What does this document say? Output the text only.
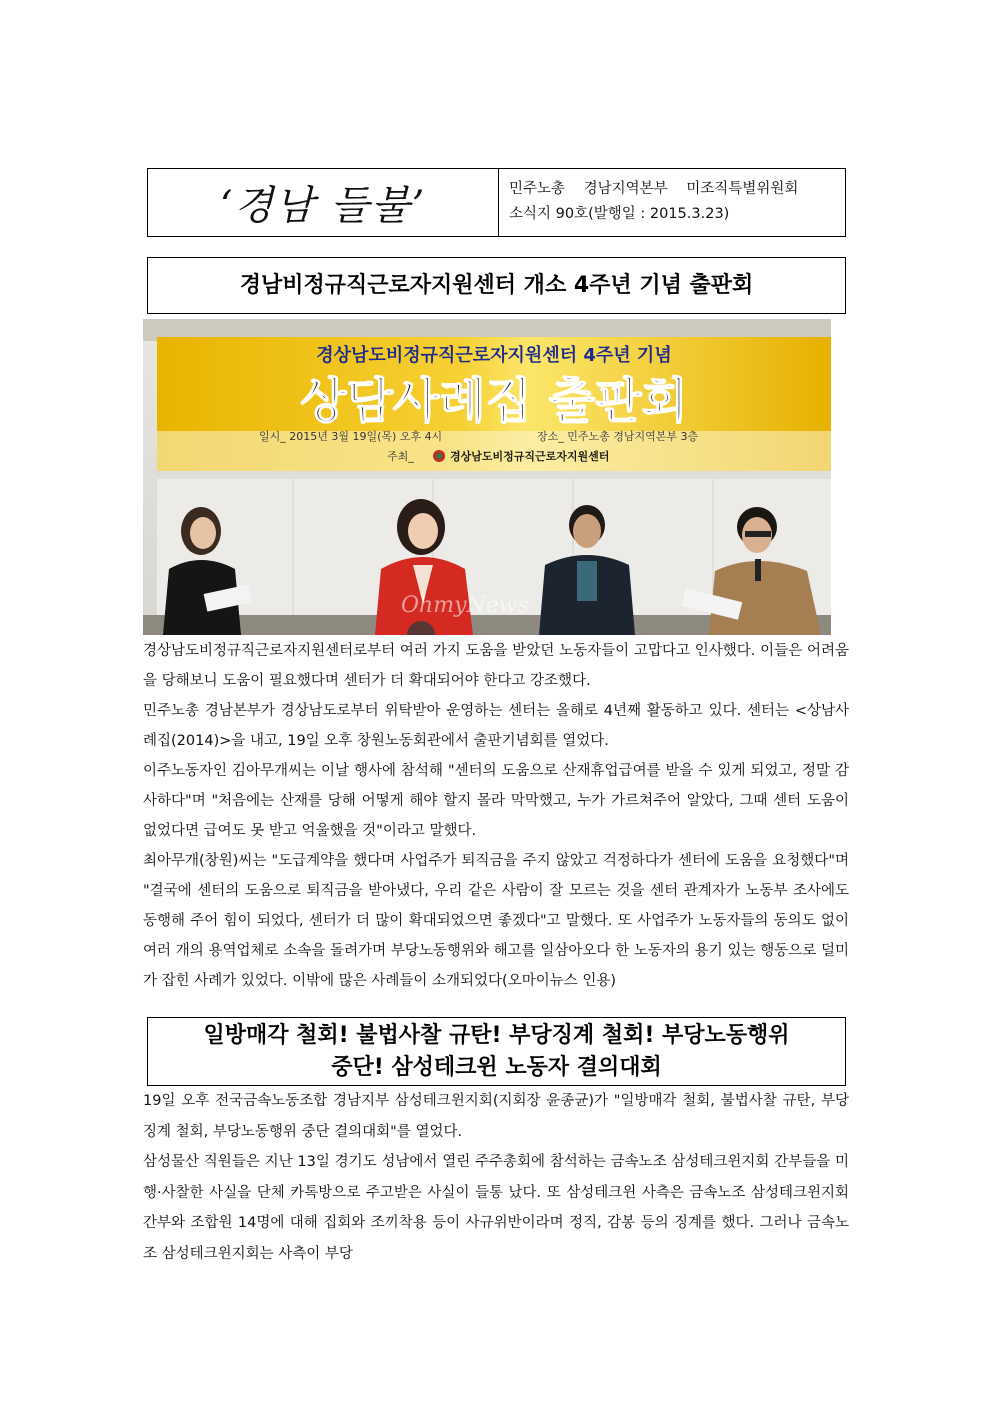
‘경남 들불’	민주노총 경남지역본부 미조직특별위원회
소식지 90호(발행일 : 2015.3.23)
경남비정규직근로자지원센터 개소 4주년 기념 출판회
경상남도비정규직근로자지원센터 4주년 기념
상담사례집 출판회
일시_ 2015년 3월 19일(목) 오후 4시	장소_ 민주노총 경남지역본부 3층
주최_	경상남도비정규직근로자지원센터
OhmyNews

경상남도비정규직근로자지원센터로부터 여러 가지 도움을 받았던 노동자들이 고맙다고 인사했다. 이들은 어려움을 당해보니 도움이 필요했다며 센터가 더 확대되어야 한다고 강조했다.

민주노총 경남본부가 경상남도로부터 위탁받아 운영하는 센터는 올해로 4년째 활동하고 있다. 센터는 <상남사례집(2014)>을 내고, 19일 오후 창원노동회관에서 출판기념회를 열었다.

이주노동자인 김아무개씨는 이날 행사에 참석해 "센터의 도움으로 산재휴업급여를 받을 수 있게 되었고, 정말 감사하다"며 "처음에는 산재를 당해 어떻게 해야 할지 몰라 막막했고, 누가 가르쳐주어 알았다, 그때 센터 도움이 없었다면 급여도 못 받고 억울했을 것"이라고 말했다.

최아무개(창원)씨는 "도급계약을 했다며 사업주가 퇴직금을 주지 않았고 걱정하다가 센터에 도움을 요청했다"며 "결국에 센터의 도움으로 퇴직금을 받아냈다, 우리 같은 사람이 잘 모르는 것을 센터 관계자가 노동부 조사에도 동행해 주어 힘이 되었다, 센터가 더 많이 확대되었으면 좋겠다"고 말했다. 또 사업주가 노동자들의 동의도 없이 여러 개의 용역업체로 소속을 돌려가며 부당노동행위와 해고를 일삼아오다 한 노동자의 용기 있는 행동으로 덜미가 잡힌 사례가 있었다. 이밖에 많은 사례들이 소개되었다(오마이뉴스 인용)

일방매각 철회! 불법사찰 규탄! 부당징계 철회! 부당노동행위
중단! 삼성테크윈 노동자 결의대회

19일 오후 전국금속노동조합 경남지부 삼성테크윈지회(지회장 윤종균)가 "일방매각 철회, 불법사찰 규탄, 부당징계 철회, 부당노동행위 중단 결의대회"를 열었다.

삼성물산 직원들은 지난 13일 경기도 성남에서 열린 주주총회에 참석하는 금속노조 삼성테크윈지회 간부들을 미행·사찰한 사실을 단체 카톡방으로 주고받은 사실이 들통 났다. 또 삼성테크윈 사측은 금속노조 삼성테크윈지회 간부와 조합원 14명에 대해 집회와 조끼착용 등이 사규위반이라며 정직, 감봉 등의 징계를 했다. 그러나 금속노조 삼성테크윈지회는 사측이 부당
